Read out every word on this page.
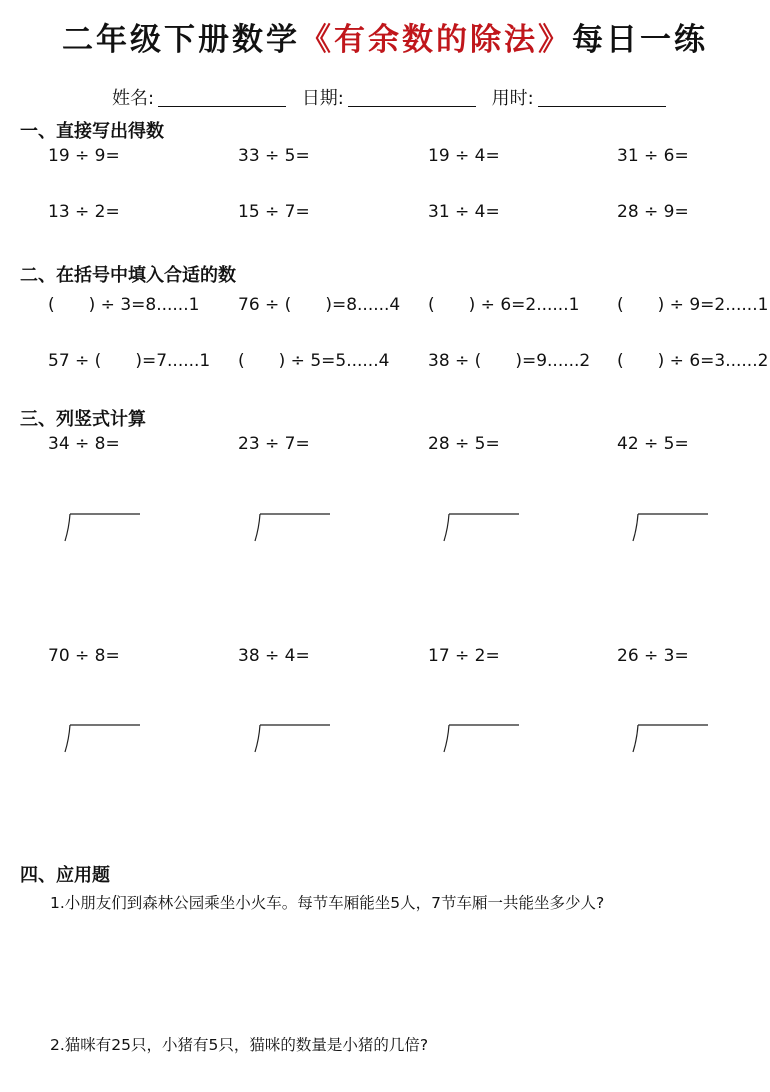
二年级下册数学《有余数的除法》每日一练
姓名:	日期:	用时:
一、直接写出得数
19 ÷ 9=	33 ÷ 5=	19 ÷ 4=	31 ÷ 6=
13 ÷ 2=	15 ÷ 7=	31 ÷ 4=	28 ÷ 9=
二、在括号中填入合适的数
(　　) ÷ 3=8......1 76 ÷ (　　)=8......4 (　　) ÷ 6=2......1 (　　) ÷ 9=2......1
57 ÷ (　　)=7......1 (　　) ÷ 5=5......4 38 ÷ (　　)=9......2 (　　) ÷ 6=3......2
三、列竖式计算
34 ÷ 8=	23 ÷ 7=	28 ÷ 5=	42 ÷ 5=
70 ÷ 8=	38 ÷ 4=	17 ÷ 2=	26 ÷ 3=
四、应用题
1.小朋友们到森林公园乘坐小火车。每节车厢能坐5人，7节车厢一共能坐多少人?
2.猫咪有25只，小猪有5只，猫咪的数量是小猪的几倍?
